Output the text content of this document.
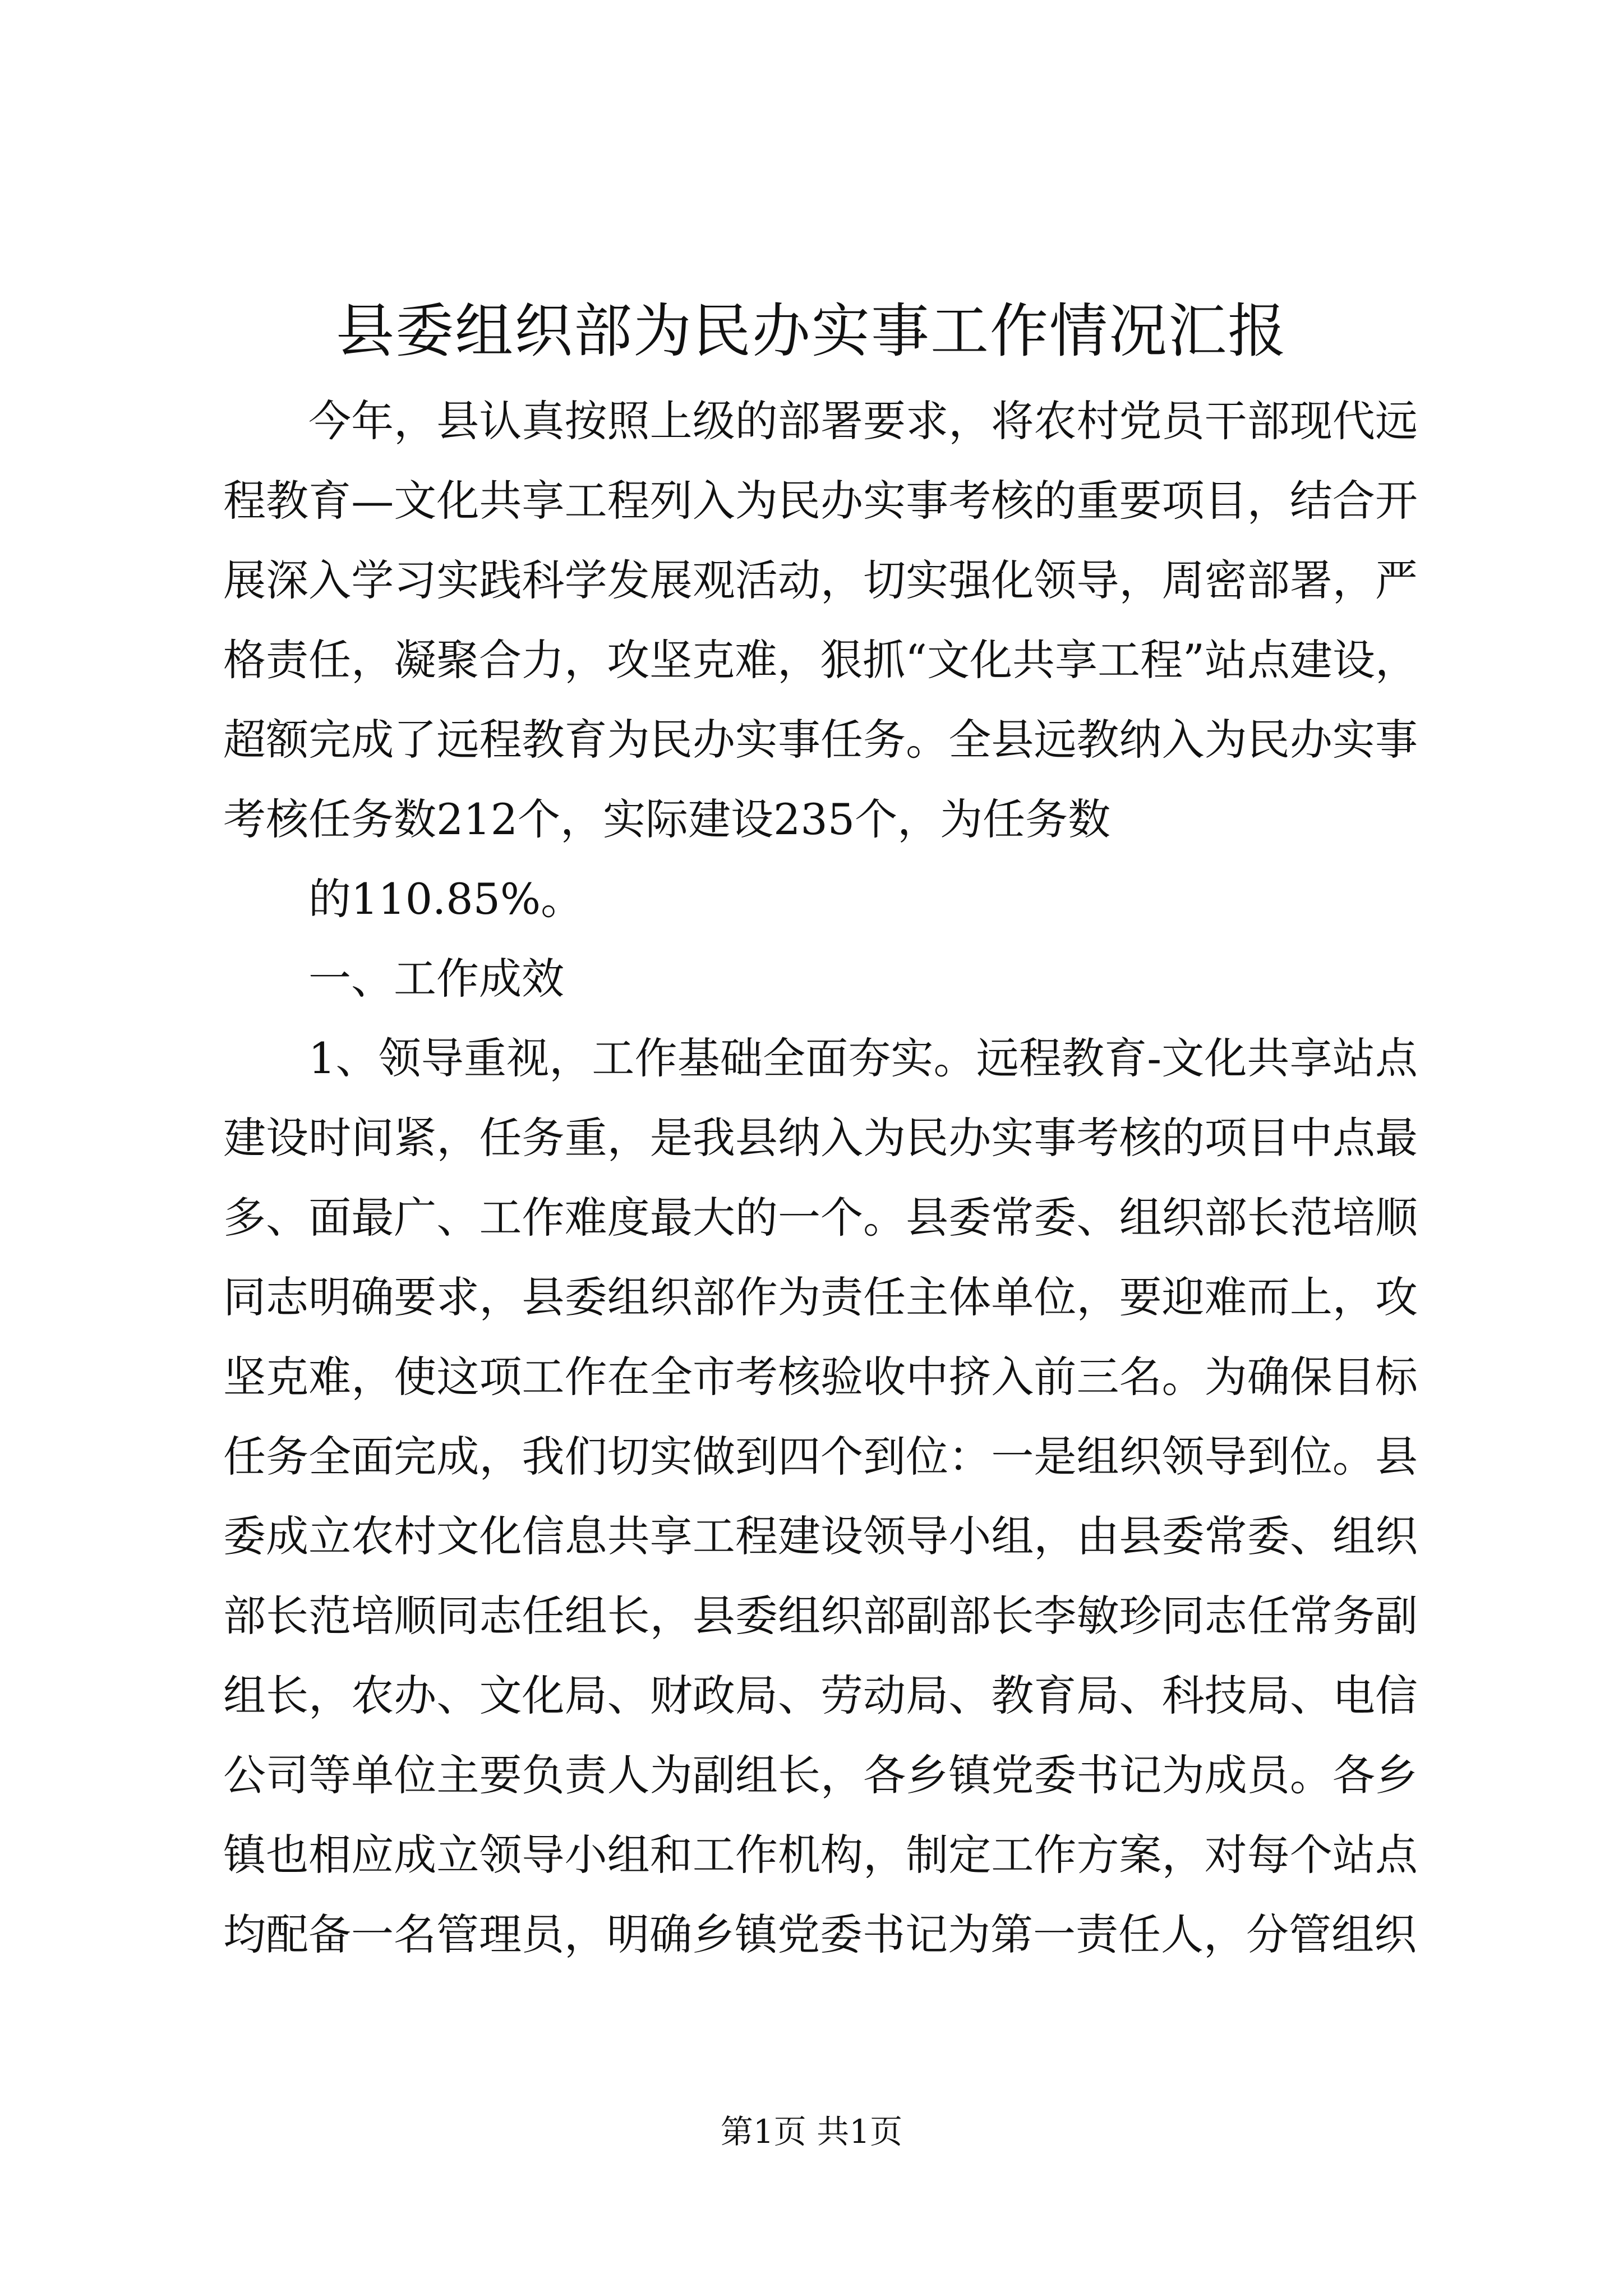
县委组织部为民办实事工作情况汇报

今年，县认真按照上级的部署要求，将农村党员干部现代远程教育—文化共享工程列入为民办实事考核的重要项目，结合开展深入学习实践科学发展观活动，切实强化领导，周密部署，严格责任，凝聚合力，攻坚克难，狠抓“文化共享工程”站点建设，超额完成了远程教育为民办实事任务。全县远教纳入为民办实事考核任务数212个，实际建设235个，为任务数

的110.85%。

一、工作成效

1、领导重视，工作基础全面夯实。远程教育-文化共享站点建设时间紧，任务重，是我县纳入为民办实事考核的项目中点最多、面最广、工作难度最大的一个。县委常委、组织部长范培顺同志明确要求，县委组织部作为责任主体单位，要迎难而上，攻坚克难，使这项工作在全市考核验收中挤入前三名。为确保目标任务全面完成，我们切实做到四个到位：一是组织领导到位。县委成立农村文化信息共享工程建设领导小组，由县委常委、组织部长范培顺同志任组长，县委组织部副部长李敏珍同志任常务副组长，农办、文化局、财政局、劳动局、教育局、科技局、电信公司等单位主要负责人为副组长，各乡镇党委书记为成员。各乡镇也相应成立领导小组和工作机构，制定工作方案，对每个站点均配备一名管理员，明确乡镇党委书记为第一责任人，分管组织

第1页 共1页
